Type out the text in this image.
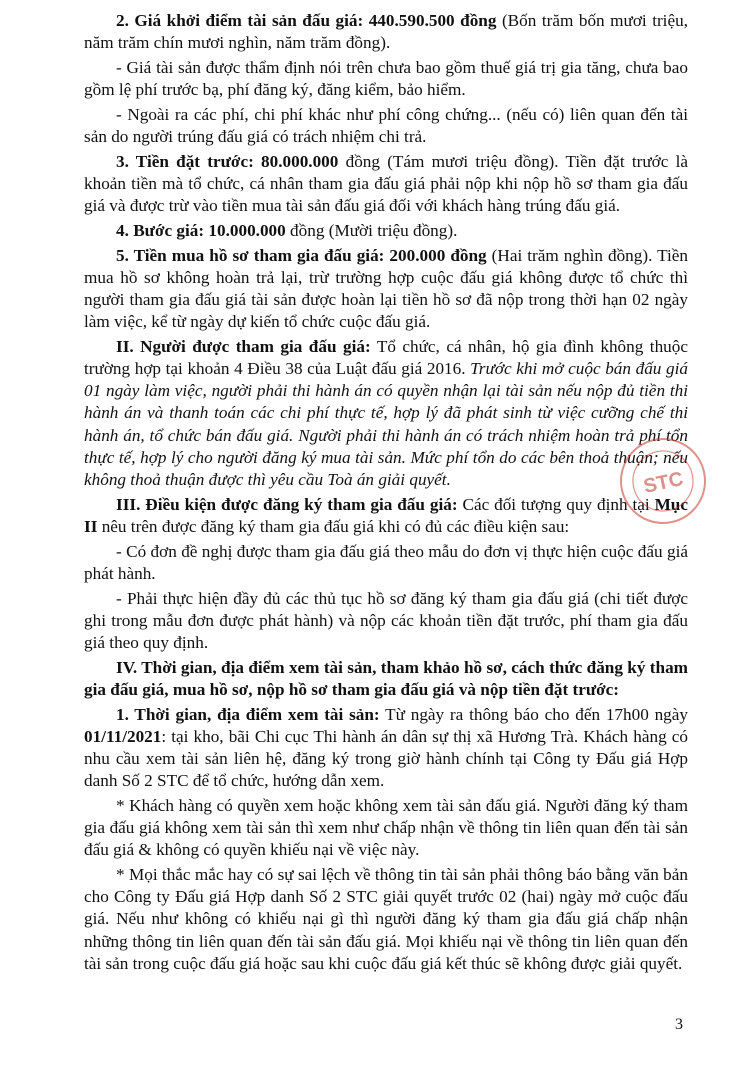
2. Giá khởi điểm tài sản đấu giá: 440.590.500 đồng (Bốn trăm bốn mươi triệu, năm trăm chín mươi nghìn, năm trăm đồng).

- Giá tài sản được thẩm định nói trên chưa bao gồm thuế giá trị gia tăng, chưa bao gồm lệ phí trước bạ, phí đăng ký, đăng kiểm, bảo hiểm.

- Ngoài ra các phí, chi phí khác như phí công chứng... (nếu có) liên quan đến tài sản do người trúng đấu giá có trách nhiệm chi trả.

3. Tiền đặt trước: 80.000.000 đồng (Tám mươi triệu đồng). Tiền đặt trước là khoản tiền mà tổ chức, cá nhân tham gia đấu giá phải nộp khi nộp hồ sơ tham gia đấu giá và được trừ vào tiền mua tài sản đấu giá đối với khách hàng trúng đấu giá.

4. Bước giá: 10.000.000 đồng (Mười triệu đồng).

5. Tiền mua hồ sơ tham gia đấu giá: 200.000 đồng (Hai trăm nghìn đồng). Tiền mua hồ sơ không hoàn trả lại, trừ trường hợp cuộc đấu giá không được tổ chức thì người tham gia đấu giá tài sản được hoàn lại tiền hồ sơ đã nộp trong thời hạn 02 ngày làm việc, kể từ ngày dự kiến tổ chức cuộc đấu giá.

II. Người được tham gia đấu giá: Tổ chức, cá nhân, hộ gia đình không thuộc trường hợp tại khoản 4 Điều 38 của Luật đấu giá 2016. Trước khi mở cuộc bán đấu giá 01 ngày làm việc, người phải thi hành án có quyền nhận lại tài sản nếu nộp đủ tiền thi hành án và thanh toán các chi phí thực tế, hợp lý đã phát sinh từ việc cưỡng chế thi hành án, tổ chức bán đấu giá. Người phải thi hành án có trách nhiệm hoàn trả phí tổn thực tế, hợp lý cho người đăng ký mua tài sản. Mức phí tổn do các bên thoả thuận; nếu không thoả thuận được thì yêu cầu Toà án giải quyết.

III. Điều kiện được đăng ký tham gia đấu giá: Các đối tượng quy định tại Mục II nêu trên được đăng ký tham gia đấu giá khi có đủ các điều kiện sau:

- Có đơn đề nghị được tham gia đấu giá theo mẫu do đơn vị thực hiện cuộc đấu giá phát hành.

- Phải thực hiện đầy đủ các thủ tục hồ sơ đăng ký tham gia đấu giá (chi tiết được ghi trong mẫu đơn được phát hành) và nộp các khoản tiền đặt trước, phí tham gia đấu giá theo quy định.

IV. Thời gian, địa điểm xem tài sản, tham khảo hồ sơ, cách thức đăng ký tham gia đấu giá, mua hồ sơ, nộp hồ sơ tham gia đấu giá và nộp tiền đặt trước:

1. Thời gian, địa điểm xem tài sản: Từ ngày ra thông báo cho đến 17h00 ngày 01/11/2021: tại kho, bãi Chi cục Thi hành án dân sự thị xã Hương Trà. Khách hàng có nhu cầu xem tài sản liên hệ, đăng ký trong giờ hành chính tại Công ty Đấu giá Hợp danh Số 2 STC để tổ chức, hướng dẫn xem.

* Khách hàng có quyền xem hoặc không xem tài sản đấu giá. Người đăng ký tham gia đấu giá không xem tài sản thì xem như chấp nhận về thông tin liên quan đến tài sản đấu giá & không có quyền khiếu nại về việc này.

* Mọi thắc mắc hay có sự sai lệch về thông tin tài sản phải thông báo bằng văn bản cho Công ty Đấu giá Hợp danh Số 2 STC giải quyết trước 02 (hai) ngày mở cuộc đấu giá. Nếu như không có khiếu nại gì thì người đăng ký tham gia đấu giá chấp nhận những thông tin liên quan đến tài sản đấu giá. Mọi khiếu nại về thông tin liên quan đến tài sản trong cuộc đấu giá hoặc sau khi cuộc đấu giá kết thúc sẽ không được giải quyết.

STC
3
